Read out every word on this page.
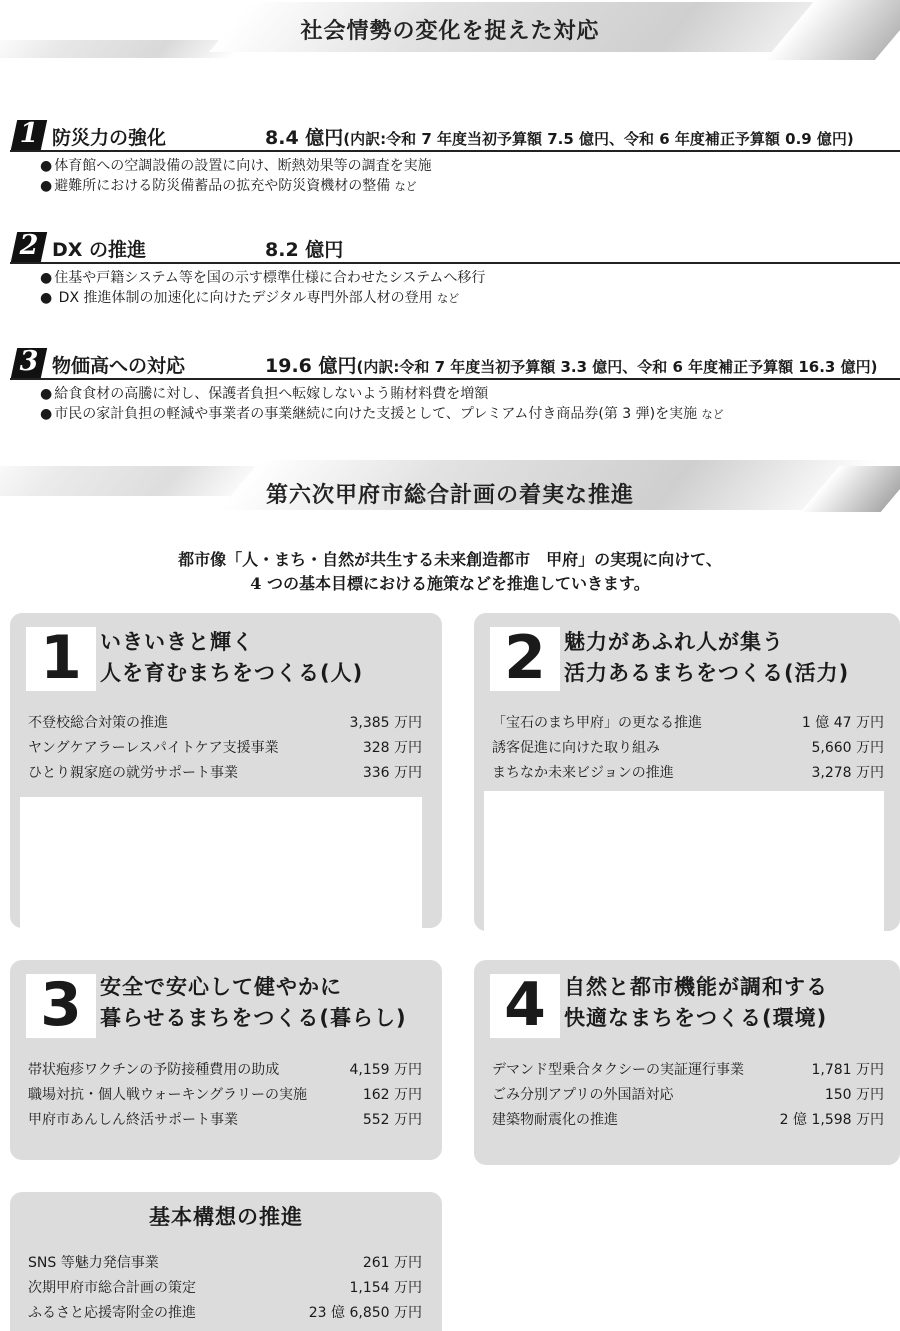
社会情勢の変化を捉えた対応
1 防災力の強化	8.4 億円(内訳:令和 7 年度当初予算額 7.5 億円、令和 6 年度補正予算額 0.9 億円)
● 体育館への空調設備の設置に向け、断熱効果等の調査を実施
● 避難所における防災備蓄品の拡充や防災資機材の整備 など
2 DX の推進	8.2 億円
● 住基や戸籍システム等を国の示す標準仕様に合わせたシステムへ移行
● DX 推進体制の加速化に向けたデジタル専門外部人材の登用 など
3 物価高への対応	19.6 億円(内訳:令和 7 年度当初予算額 3.3 億円、令和 6 年度補正予算額 16.3 億円)
● 給食食材の高騰に対し、保護者負担へ転嫁しないよう賄材料費を増額
● 市民の家計負担の軽減や事業者の事業継続に向けた支援として、プレミアム付き商品券(第 3 弾)を実施 など
第六次甲府市総合計画の着実な推進
都市像「人・まち・自然が共生する未来創造都市　甲府」の実現に向けて、
4 つの基本目標における施策などを推進していきます。
1 いきいきと輝く
人を育むまちをつくる(人)
不登校総合対策の推進	3,385 万円
ヤングケアラーレスパイトケア支援事業	328 万円
ひとり親家庭の就労サポート事業	336 万円
2 魅力があふれ人が集う
活力あるまちをつくる(活力)
「宝石のまち甲府」の更なる推進	1 億 47 万円
誘客促進に向けた取り組み	5,660 万円
まちなか未来ビジョンの推進	3,278 万円
3 安全で安心して健やかに
暮らせるまちをつくる(暮らし)
帯状疱疹ワクチンの予防接種費用の助成	4,159 万円
職場対抗・個人戦ウォーキングラリーの実施	162 万円
甲府市あんしん終活サポート事業	552 万円
4 自然と都市機能が調和する
快適なまちをつくる(環境)
デマンド型乗合タクシーの実証運行事業	1,781 万円
ごみ分別アプリの外国語対応	150 万円
建築物耐震化の推進	2 億 1,598 万円
基本構想の推進
SNS 等魅力発信事業	261 万円
次期甲府市総合計画の策定	1,154 万円
ふるさと応援寄附金の推進	23 億 6,850 万円
